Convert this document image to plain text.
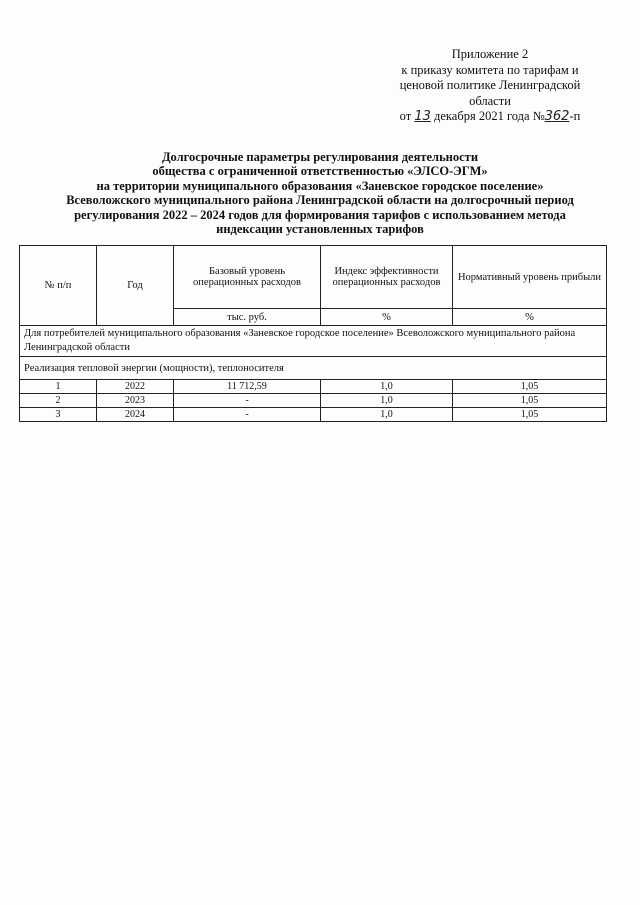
Приложение 2
к приказу комитета по тарифам и
ценовой политике Ленинградской
области
от 13 декабря 2021 года №362-п
Долгосрочные параметры регулирования деятельности
общества с ограниченной ответственностью «ЭЛСО-ЭГМ»
на территории муниципального образования «Заневское городское поселение»
Всеволожского муниципального района Ленинградской области на долгосрочный период
регулирования 2022 – 2024 годов для формирования тарифов с использованием метода
индексации установленных тарифов
№ п/п	Год	Базовый уровень операционных расходов	Индекс эффективности операционных расходов	Нормативный уровень прибыли
		тыс. руб.	%	%
Для потребителей муниципального образования «Заневское городское поселение» Всеволожского муниципального района Ленинградской области				
Реализация тепловой энергии (мощности), теплоносителя				
1	2022	11 712,59	1,0	1,05
2	2023	-	1,0	1,05
3	2024	-	1,0	1,05
